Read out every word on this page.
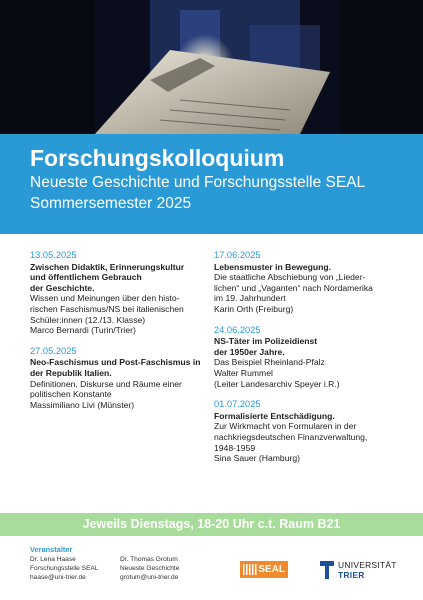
Forschungskolloquium
Neueste Geschichte und Forschungsstelle SEAL
Sommersemester 2025
13.05.2025
Zwischen Didaktik, Erinnerungskultur
und öffentlichem Gebrauch
der Geschichte.
Wissen und Meinungen über den histo-
rischen Faschismus/NS bei italienischen
Schüler:innen (12./13. Klasse)
Marco Bernardi (Turin/Trier)
27.05.2025
Neo-Faschismus und Post-Faschismus in
der Republik Italien.
Definitionen, Diskurse und Räume einer
politischen Konstante
Massimiliano Livi (Münster)
17.06.2025
Lebensmuster in Bewegung.
Die staatliche Abschiebung von „Lieder-
lichen“ und „Vaganten“ nach Nordamerika
im 19. Jahrhundert
Karin Orth (Freiburg)
24.06.2025
NS-Täter im Polizeidienst
der 1950er Jahre.
Das Beispiel Rheinland-Pfalz
Walter Rummel
(Leiter Landesarchiv Speyer i.R.)
01.07.2025
Formalisierte Entschädigung.
Zur Wirkmacht von Formularen in der
nachkriegsdeutschen Finanzverwaltung,
1948-1959
Sina Sauer (Hamburg)
Jeweils Dienstags, 18-20 Uhr c.t. Raum B21
Veranstalter
Dr. Lena Haase
Forschungsstelle SEAL
haase@uni-trier.de
Dr. Thomas Grotum
Neueste Geschichte
grotum@uni-trier.de
SEAL	UNIVERSITÄT
TRIER
